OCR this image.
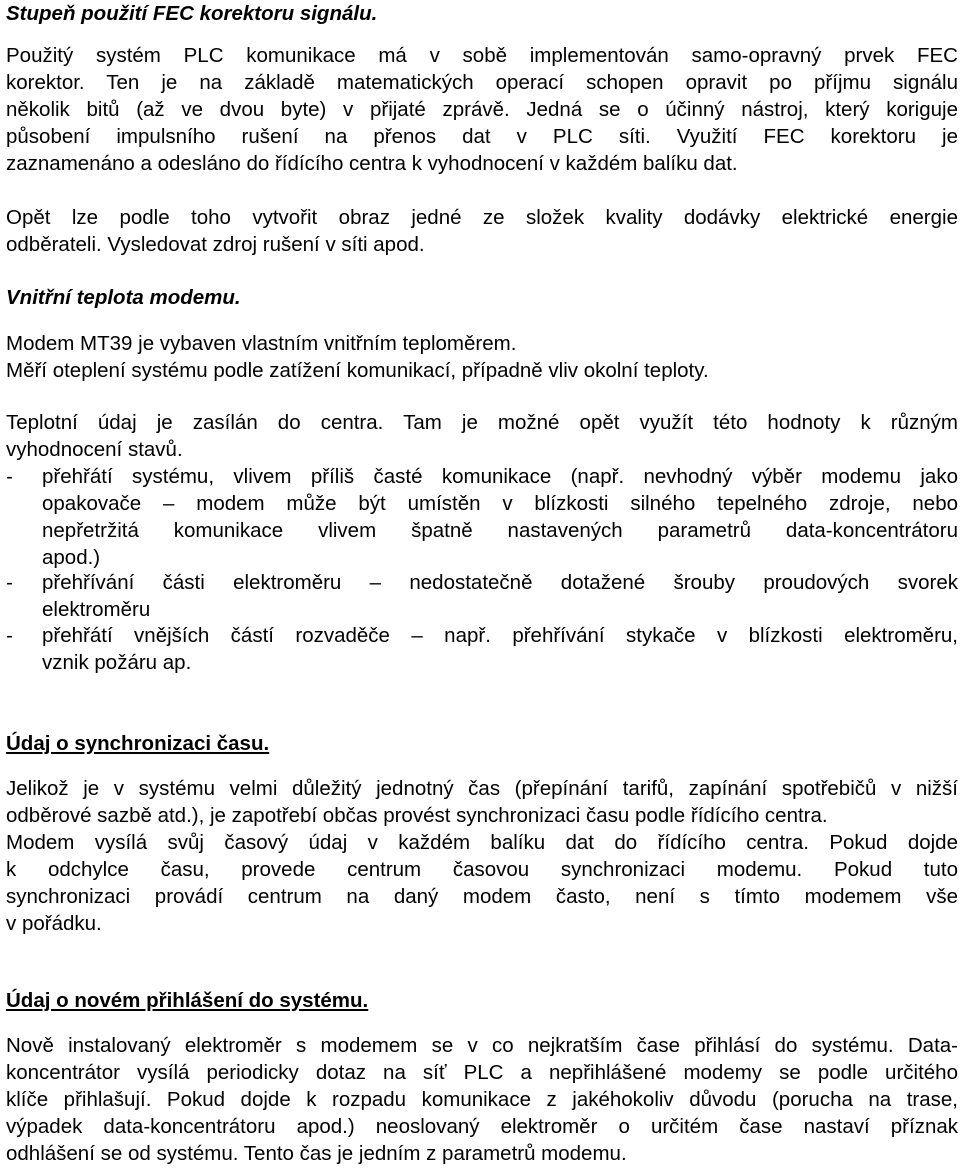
Stupeň použití FEC korektoru signálu.
Použitý systém PLC komunikace má v sobě implementován samo-opravný prvek FEC
korektor. Ten je na základě matematických operací schopen opravit po příjmu signálu
několik bitů (až ve dvou byte) v přijaté zprávě. Jedná se o účinný nástroj, který koriguje
působení impulsního rušení na přenos dat v PLC síti. Využití FEC korektoru je
zaznamenáno a odesláno do řídícího centra k vyhodnocení v každém balíku dat.
Opět lze podle toho vytvořit obraz jedné ze složek kvality dodávky elektrické energie
odběrateli. Vysledovat zdroj rušení v síti apod.
Vnitřní teplota modemu.
Modem MT39 je vybaven vlastním vnitřním teploměrem.
Měří oteplení systému podle zatížení komunikací, případně vliv okolní teploty.
Teplotní údaj je zasílán do centra. Tam je možné opět využít této hodnoty k různým
vyhodnocení stavů.
- přehřátí systému, vlivem příliš časté komunikace (např. nevhodný výběr modemu jako
opakovače – modem může být umístěn v blízkosti silného tepelného zdroje, nebo
nepřetržitá komunikace vlivem špatně nastavených parametrů data-koncentrátoru
apod.)
- přehřívání části elektroměru – nedostatečně dotažené šrouby proudových svorek
elektroměru
- přehřátí vnějších částí rozvaděče – např. přehřívání stykače v blízkosti elektroměru,
vznik požáru ap.
Údaj o synchronizaci času.
Jelikož je v systému velmi důležitý jednotný čas (přepínání tarifů, zapínání spotřebičů v nižší
odběrové sazbě atd.), je zapotřebí občas provést synchronizaci času podle řídícího centra.
Modem vysílá svůj časový údaj v každém balíku dat do řídícího centra. Pokud dojde
k odchylce času, provede centrum časovou synchronizaci modemu. Pokud tuto
synchronizaci provádí centrum na daný modem často, není s tímto modemem vše
v pořádku.
Údaj o novém přihlášení do systému.
Nově instalovaný elektroměr s modemem se v co nejkratším čase přihlásí do systému. Data-
koncentrátor vysílá periodicky dotaz na síť PLC a nepřihlášené modemy se podle určitého
klíče přihlašují. Pokud dojde k rozpadu komunikace z jakéhokoliv důvodu (porucha na trase,
výpadek data-koncentrátoru apod.) neoslovaný elektroměr o určitém čase nastaví příznak
odhlášení se od systému. Tento čas je jedním z parametrů modemu.
